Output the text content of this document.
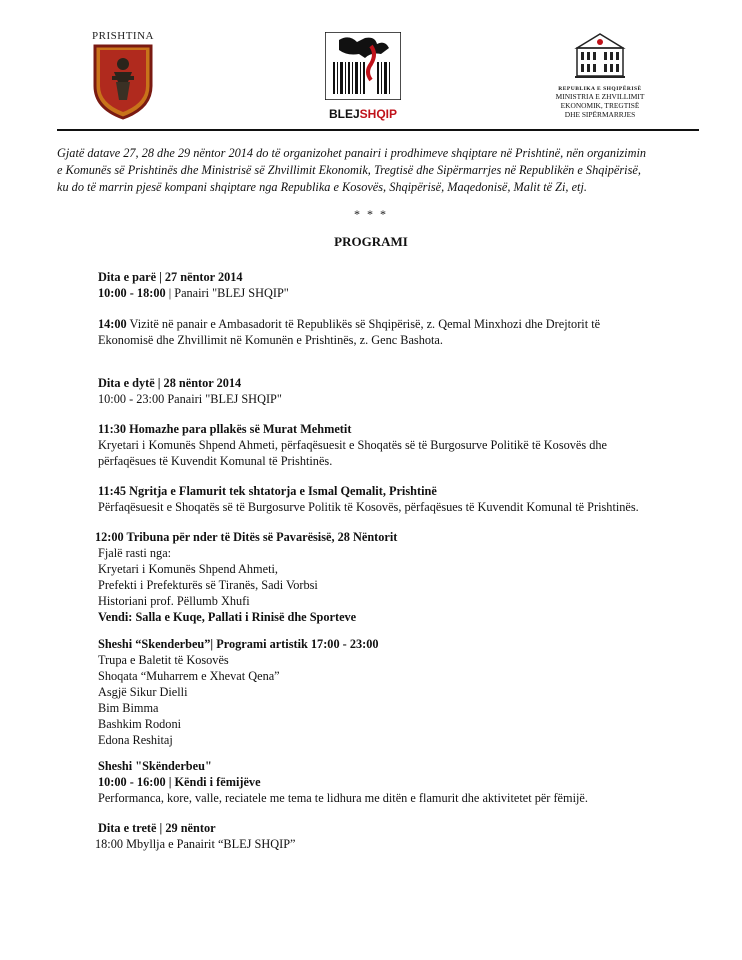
PRISHTINA
BLEJSHQIP
REPUBLIKA E SHQIPËRISË
MINISTRIA E ZHVILLIMIT
EKONOMIK, TREGTISË
DHE SIPËRMARRJES
Gjatë datave 27, 28 dhe 29 nëntor 2014 do të organizohet panairi i prodhimeve shqiptare në Prishtinë, nën organizimin
e Komunës së Prishtinës dhe Ministrisë së Zhvillimit Ekonomik, Tregtisë dhe Sipërmarrjes në Republikën e Shqipërisë,
ku do të marrin pjesë kompani shqiptare nga Republika e Kosovës, Shqipërisë, Maqedonisë, Malit të Zi, etj.
* * *
PROGRAMI
Dita e parë | 27 nëntor 2014
10:00 - 18:00 | Panairi "BLEJ SHQIP"
14:00 Vizitë në panair e Ambasadorit të Republikës së Shqipërisë, z. Qemal Minxhozi dhe Drejtorit të
Ekonomisë dhe Zhvillimit në Komunën e Prishtinës, z. Genc Bashota.
Dita e dytë | 28 nëntor 2014
10:00 - 23:00 Panairi "BLEJ SHQIP"
11:30 Homazhe para pllakës së Murat Mehmetit
Kryetari i Komunës Shpend Ahmeti, përfaqësuesit e Shoqatës së të Burgosurve Politikë të Kosovës dhe
përfaqësues të Kuvendit Komunal të Prishtinës.
11:45 Ngritja e Flamurit tek shtatorja e Ismal Qemalit, Prishtinë
Përfaqësuesit e Shoqatës së të Burgosurve Politik të Kosovës, përfaqësues të Kuvendit Komunal të Prishtinës.
12:00 Tribuna për nder të Ditës së Pavarësisë, 28 Nëntorit
Fjalë rasti nga:
Kryetari i Komunës Shpend Ahmeti,
Prefekti i Prefekturës së Tiranës, Sadi Vorbsi
Historiani prof. Pëllumb Xhufi
Vendi: Salla e Kuqe, Pallati i Rinisë dhe Sporteve
Sheshi “Skenderbeu”| Programi artistik 17:00 - 23:00
Trupa e Baletit të Kosovës
Shoqata “Muharrem e Xhevat Qena”
Asgjë Sikur Dielli
Bim Bimma
Bashkim Rodoni
Edona Reshitaj
Sheshi "Skënderbeu"
10:00 - 16:00 | Këndi i fëmijëve
Performanca, kore, valle, reciatele me tema te lidhura me ditën e flamurit dhe aktivitetet për fëmijë.
Dita e tretë | 29 nëntor
18:00 Mbyllja e Panairit “BLEJ SHQIP”
